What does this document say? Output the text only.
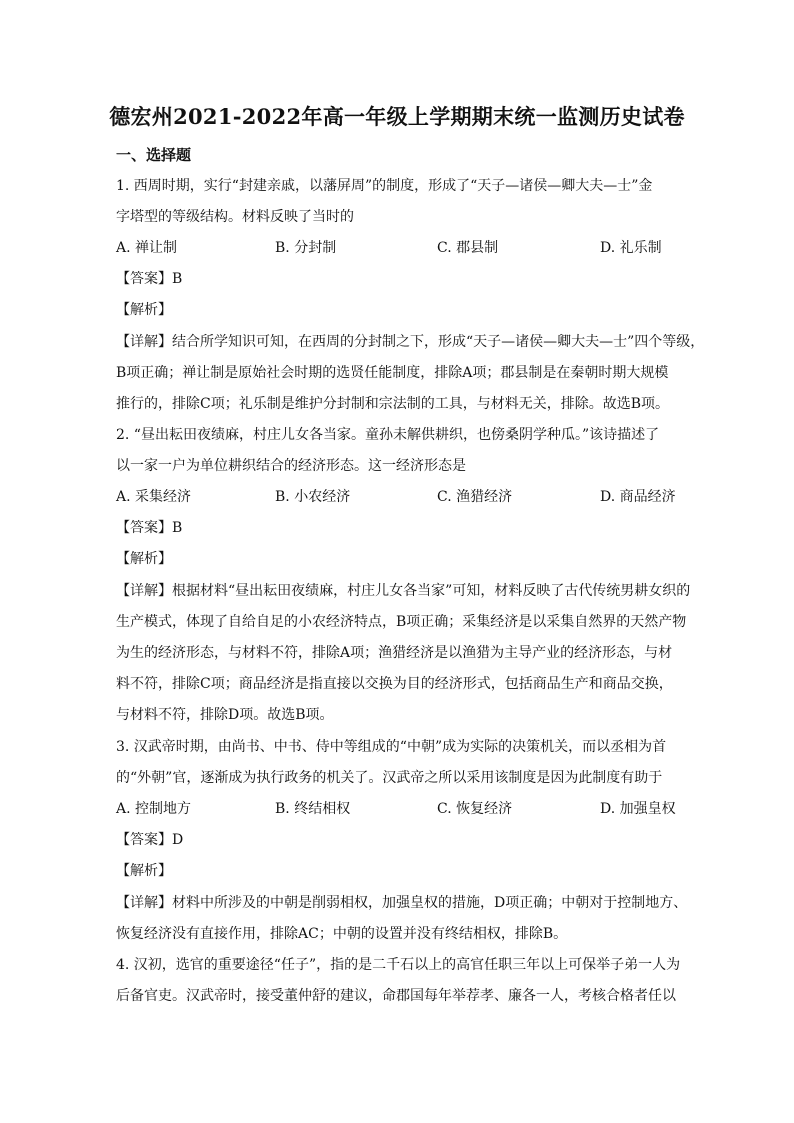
德宏州2021-2022年高一年级上学期期末统一监测历史试卷
一、选择题
1. 西周时期，实行“封建亲戚，以藩屏周”的制度，形成了“天子—诸侯—卿大夫—士”金
字塔型的等级结构。材料反映了当时的
A. 禅让制	B. 分封制	C. 郡县制	D. 礼乐制
【答案】B
【解析】
【详解】结合所学知识可知，在西周的分封制之下，形成“天子—诸侯—卿大夫—士”四个等级，
B项正确；禅让制是原始社会时期的选贤任能制度，排除A项；郡县制是在秦朝时期大规模
推行的，排除C项；礼乐制是维护分封制和宗法制的工具，与材料无关，排除。故选B项。
2. “昼出耘田夜绩麻，村庄儿女各当家。童孙未解供耕织，也傍桑阴学种瓜。”该诗描述了
以一家一户为单位耕织结合的经济形态。这一经济形态是
A. 采集经济	B. 小农经济	C. 渔猎经济	D. 商品经济
【答案】B
【解析】
【详解】根据材料“昼出耘田夜绩麻，村庄儿女各当家”可知，材料反映了古代传统男耕女织的
生产模式，体现了自给自足的小农经济特点，B项正确；采集经济是以采集自然界的天然产物
为生的经济形态，与材料不符，排除A项；渔猎经济是以渔猎为主导产业的经济形态，与材
料不符，排除C项；商品经济是指直接以交换为目的经济形式，包括商品生产和商品交换，
与材料不符，排除D项。故选B项。
3. 汉武帝时期，由尚书、中书、侍中等组成的“中朝”成为实际的决策机关，而以丞相为首
的“外朝”官，逐渐成为执行政务的机关了。汉武帝之所以采用该制度是因为此制度有助于
A. 控制地方	B. 终结相权	C. 恢复经济	D. 加强皇权
【答案】D
【解析】
【详解】材料中所涉及的中朝是削弱相权，加强皇权的措施，D项正确；中朝对于控制地方、
恢复经济没有直接作用，排除AC；中朝的设置并没有终结相权，排除B。
4. 汉初，选官的重要途径“任子”，指的是二千石以上的高官任职三年以上可保举子弟一人为
后备官吏。汉武帝时，接受董仲舒的建议，命郡国每年举荐孝、廉各一人，考核合格者任以
